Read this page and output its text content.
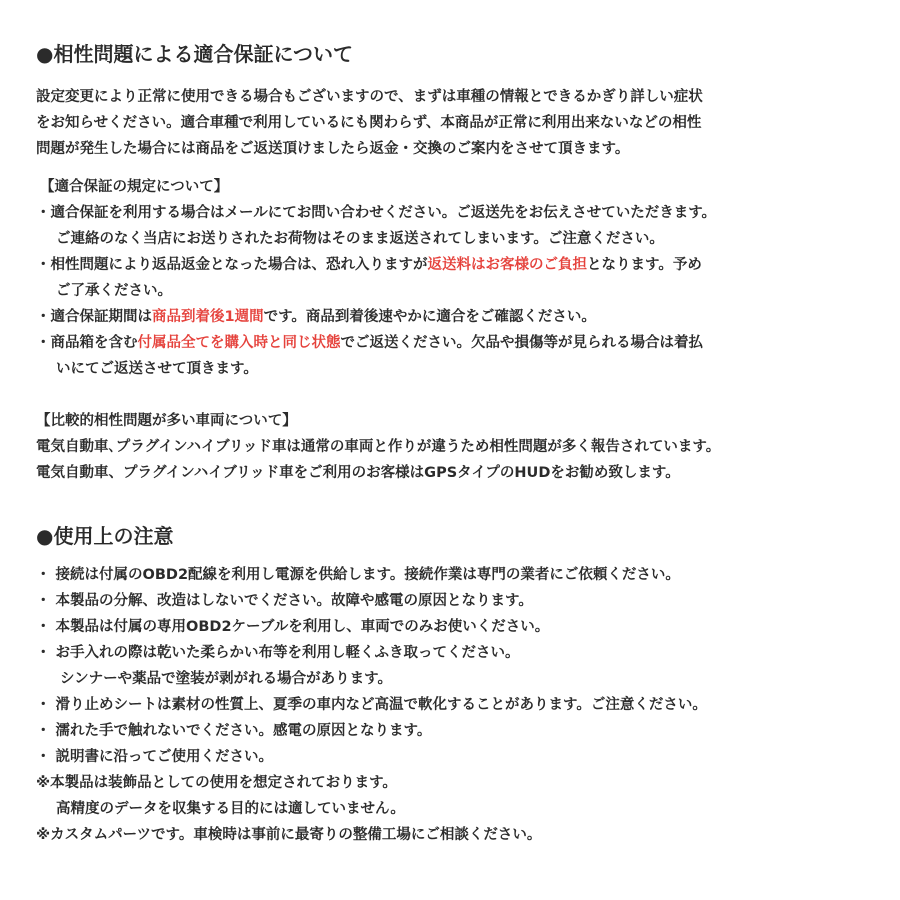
●相性問題による適合保証について
設定変更により正常に使用できる場合もございますので、まずは車種の情報とできるかぎり詳しい症状
をお知らせください。適合車種で利用しているにも関わらず、本商品が正常に利用出来ないなどの相性
問題が発生した場合には商品をご返送頂けましたら返金・交換のご案内をさせて頂きます。
【適合保証の規定について】
・適合保証を利用する場合はメールにてお問い合わせください。ご返送先をお伝えさせていただきます。
ご連絡のなく当店にお送りされたお荷物はそのまま返送されてしまいます。ご注意ください。
・相性問題により返品返金となった場合は、恐れ入りますが返送料はお客様のご負担となります。予め
ご了承ください。
・適合保証期間は商品到着後1週間です。商品到着後速やかに適合をご確認ください。
・商品箱を含む付属品全てを購入時と同じ状態でご返送ください。欠品や損傷等が見られる場合は着払
いにてご返送させて頂きます。
【比較的相性問題が多い車両について】
電気自動車､プラグインハイブリッド車は通常の車両と作りが違うため相性問題が多く報告されています。
電気自動車、プラグインハイブリッド車をご利用のお客様はGPSタイプのHUDをお勧め致します。
●使用上の注意
・ 接続は付属のOBD2配線を利用し電源を供給します。接続作業は専門の業者にご依頼ください。
・ 本製品の分解、改造はしないでください。故障や感電の原因となります。
・ 本製品は付属の専用OBD2ケーブルを利用し、車両でのみお使いください。
・ お手入れの際は乾いた柔らかい布等を利用し軽くふき取ってください。
シンナーや薬品で塗装が剥がれる場合があります。
・ 滑り止めシートは素材の性質上、夏季の車内など高温で軟化することがあります。ご注意ください。
・ 濡れた手で触れないでください。感電の原因となります。
・ 説明書に沿ってご使用ください。
※本製品は装飾品としての使用を想定されております。
高精度のデータを収集する目的には適していません。
※カスタムパーツです。車検時は事前に最寄りの整備工場にご相談ください。
